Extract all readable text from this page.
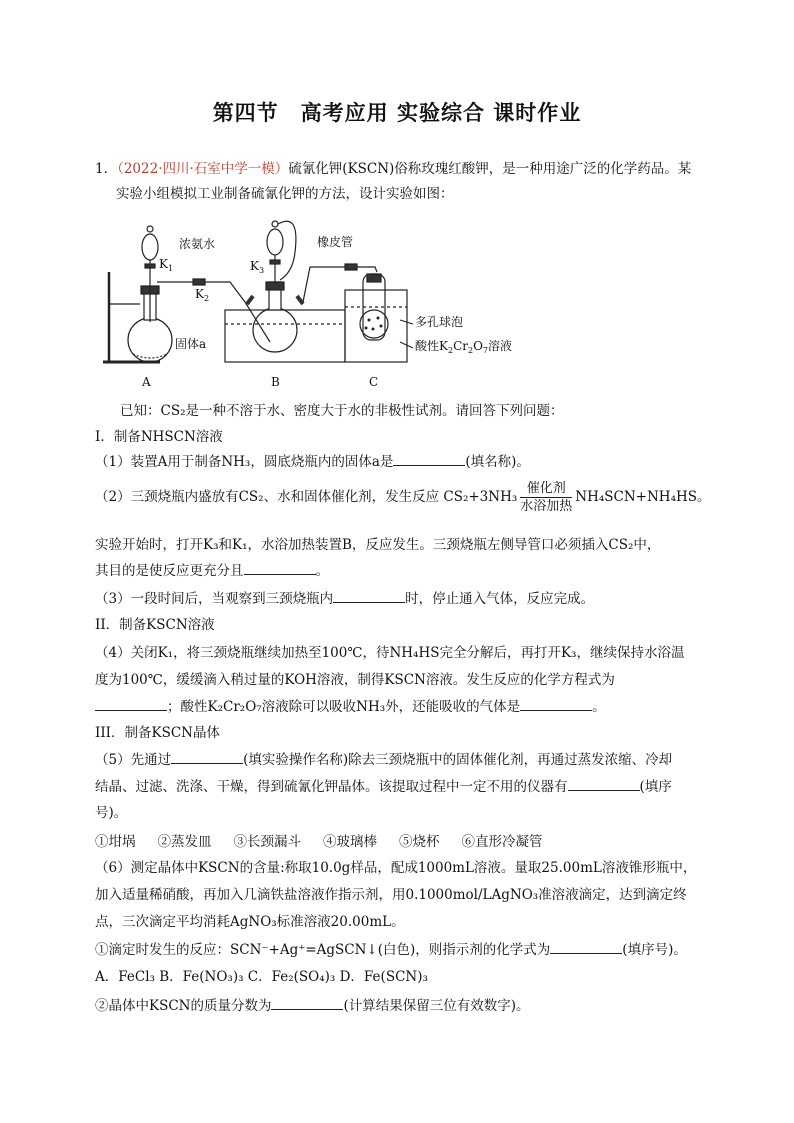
第四节　高考应用 实验综合 课时作业
1．（2022·四川·石室中学一模）硫氰化钾(KSCN)俗称玫瑰红酸钾，是一种用途广泛的化学药品。某
实验小组模拟工业制备硫氰化钾的方法，设计实验如图：
浓氨水
$K_1$
$K_2$
$K_3$
橡皮管
固体a
多孔球泡
酸性$K_2Cr_2O_7$溶液
A	B	C
已知：CS₂是一种不溶于水、密度大于水的非极性试剂。请回答下列问题：
I．制备NHSCN溶液
（1）装置A用于制备NH₃，圆底烧瓶内的固体a是	(填名称)。
（2）三颈烧瓶内盛放有CS₂、水和固体催化剂，发生反应 $CS_2+3NH_3 \frac{\text{催化剂}}{\text{水浴加热}} NH_4SCN+NH_4HS$。
实验开始时，打开K₃和K₁，水浴加热装置B，反应发生。三颈烧瓶左侧导管口必须插入CS₂中，
其目的是使反应更充分且	。
（3）一段时间后，当观察到三颈烧瓶内	时，停止通入气体，反应完成。
II．制备KSCN溶液
（4）关闭K₁，将三颈烧瓶继续加热至100℃，待NH₄HS完全分解后，再打开K₃，继续保持水浴温
度为100℃，缓缓滴入稍过量的KOH溶液，制得KSCN溶液。发生反应的化学方程式为
；酸性K₂Cr₂O₇溶液除可以吸收NH₃外，还能吸收的气体是	。
III．制备KSCN晶体
（5）先通过	(填实验操作名称)除去三颈烧瓶中的固体催化剂，再通过蒸发浓缩、冷却
结晶、过滤、洗涤、干燥，得到硫氰化钾晶体。该提取过程中一定不用的仪器有	(填序
号)。
①坩埚 ②蒸发皿 ③长颈漏斗 ④玻璃棒 ⑤烧杯 ⑥直形冷凝管
（6）测定晶体中KSCN的含量:称取10.0g样品，配成1000mL溶液。量取25.00mL溶液锥形瓶中，
加入适量稀硝酸，再加入几滴铁盐溶液作指示剂，用0.1000mol/LAgNO₃准溶液滴定，达到滴定终
点，三次滴定平均消耗AgNO₃标准溶液20.00mL。
①滴定时发生的反应：SCN⁻+Ag⁺=AgSCN↓(白色)，则指示剂的化学式为	(填序号)。
A．FeCl₃ B．Fe(NO₃)₃ C．Fe₂(SO₄)₃ D．Fe(SCN)₃
②晶体中KSCN的质量分数为	(计算结果保留三位有效数字)。
